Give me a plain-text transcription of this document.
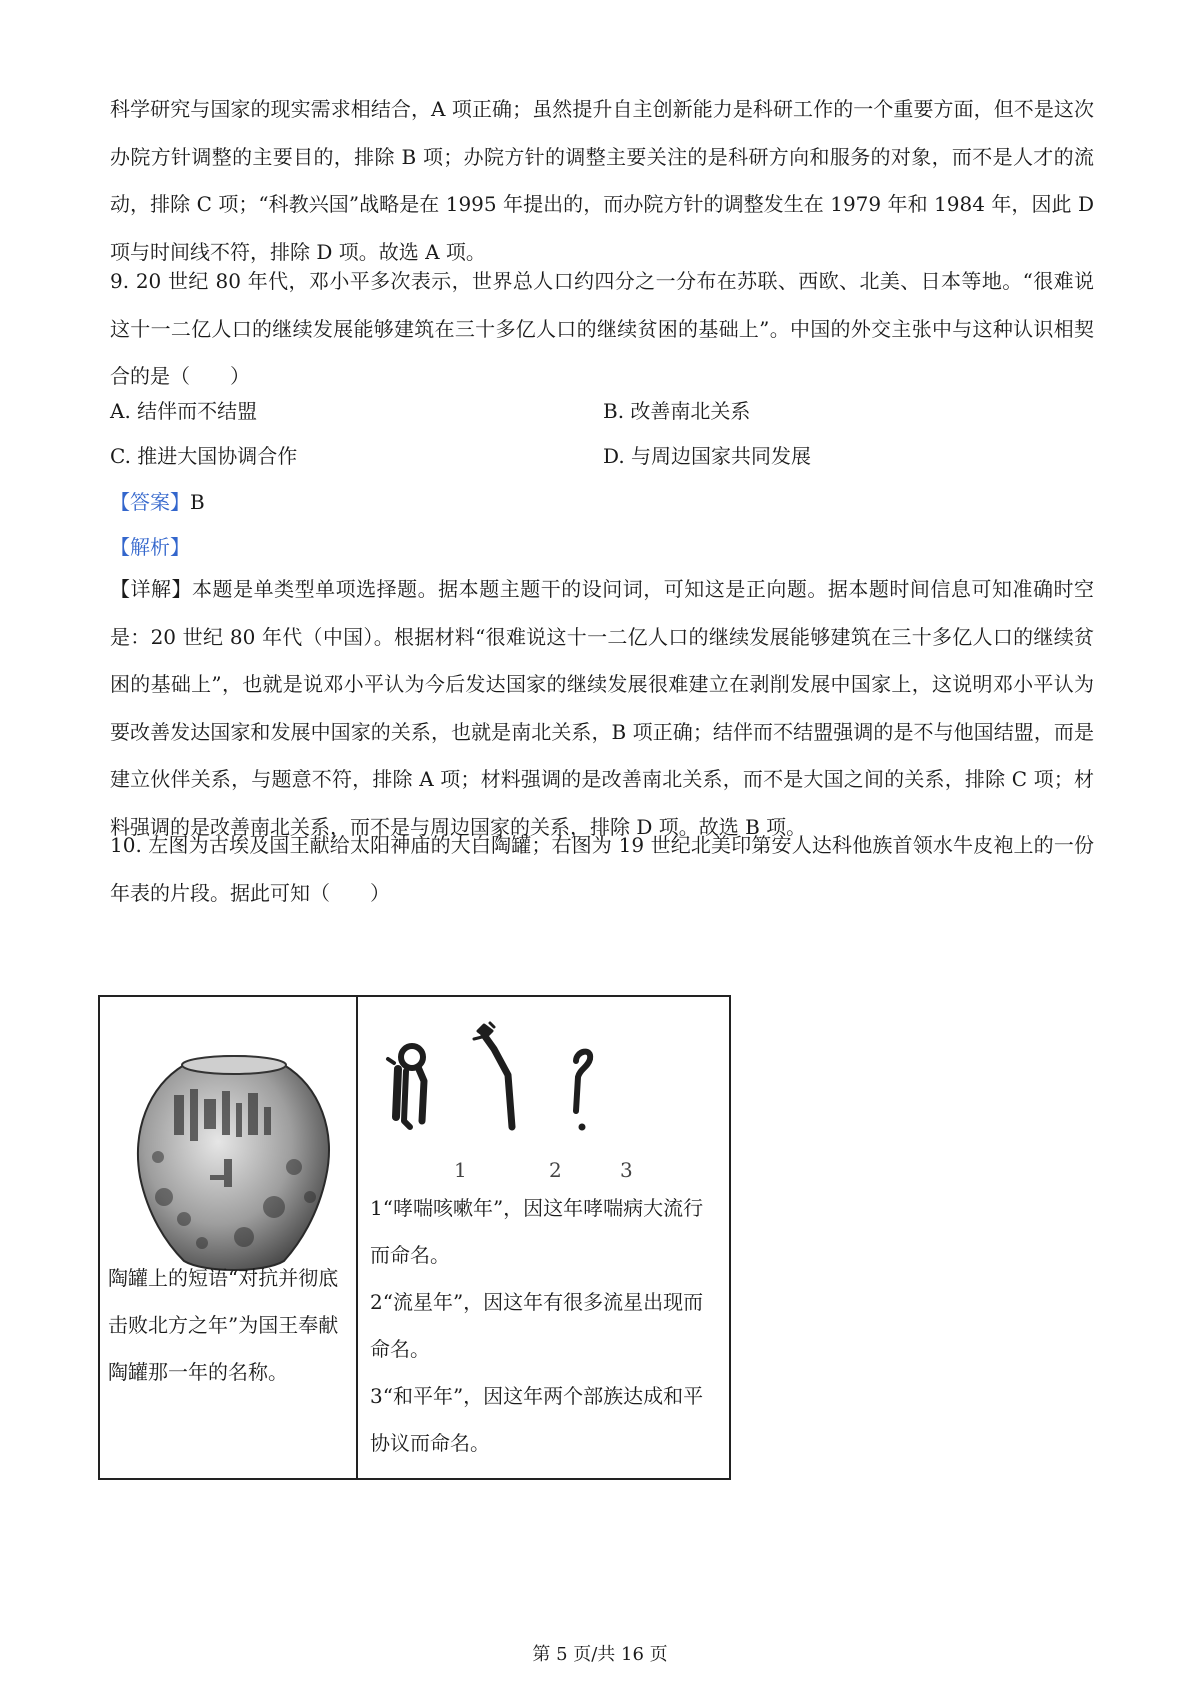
科学研究与国家的现实需求相结合，A 项正确；虽然提升自主创新能力是科研工作的一个重要方面，但不是这次办院方针调整的主要目的，排除 B 项；办院方针的调整主要关注的是科研方向和服务的对象，而不是人才的流动，排除 C 项；“科教兴国”战略是在 1995 年提出的，而办院方针的调整发生在 1979 年和 1984 年，因此 D 项与时间线不符，排除 D 项。故选 A 项。

9. 20 世纪 80 年代，邓小平多次表示，世界总人口约四分之一分布在苏联、西欧、北美、日本等地。“很难说这十一二亿人口的继续发展能够建筑在三十多亿人口的继续贫困的基础上”。中国的外交主张中与这种认识相契合的是（　　）

A. 结伴而不结盟	B. 改善南北关系
C. 推进大国协调合作	D. 与周边国家共同发展
【答案】B
【解析】

【详解】本题是单类型单项选择题。据本题主题干的设问词，可知这是正向题。据本题时间信息可知准确时空是：20 世纪 80 年代（中国）。根据材料“很难说这十一二亿人口的继续发展能够建筑在三十多亿人口的继续贫困的基础上”，也就是说邓小平认为今后发达国家的继续发展很难建立在剥削发展中国家上，这说明邓小平认为要改善发达国家和发展中国家的关系，也就是南北关系，B 项正确；结伴而不结盟强调的是不与他国结盟，而是建立伙伴关系，与题意不符，排除 A 项；材料强调的是改善南北关系，而不是大国之间的关系，排除 C 项；材料强调的是改善南北关系，而不是与周边国家的关系，排除 D 项。故选 B 项。

10. 左图为古埃及国王献给太阳神庙的大白陶罐；右图为 19 世纪北美印第安人达科他族首领水牛皮袍上的一份年表的片段。据此可知（　　）

陶罐上的短语“对抗并彻底击败北方之年”为国王奉献陶罐那一年的名称。

1	2	3

1“哮喘咳嗽年”，因这年哮喘病大流行而命名。

2“流星年”，因这年有很多流星出现而命名。

3“和平年”，因这年两个部族达成和平协议而命名。

第 5 页/共 16 页
